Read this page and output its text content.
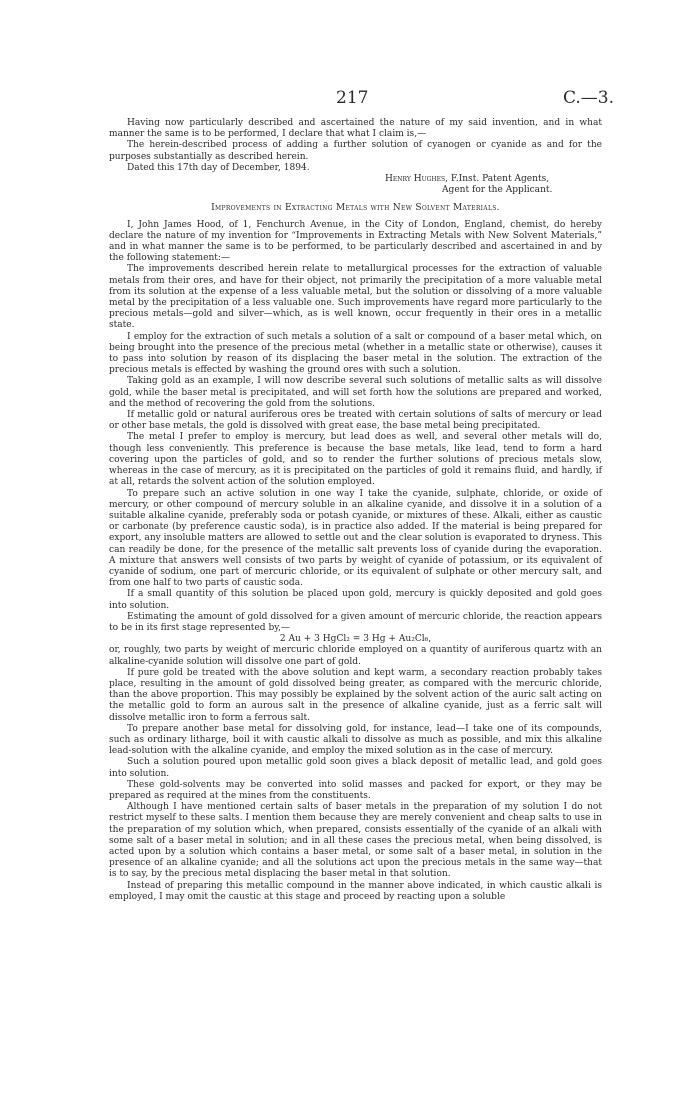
217	C.—3.

Having now particularly described and ascertained the nature of my said invention, and in what manner the same is to be performed, I declare that what I claim is,—

The herein-described process of adding a further solution of cyanogen or cyanide as and for the purposes substantially as described herein.

Dated this 17th day of December, 1894.
Henry Hughes, F.Inst. Patent Agents,
Agent for the Applicant.
Improvements in Extracting Metals with New Solvent Materials.

I, John James Hood, of 1, Fenchurch Avenue, in the City of London, England, chemist, do hereby declare the nature of my invention for “Improvements in Extracting Metals with New Solvent Materials,” and in what manner the same is to be performed, to be particularly described and ascertained in and by the following statement:—

The improvements described herein relate to metallurgical processes for the extraction of valuable metals from their ores, and have for their object, not primarily the precipitation of a more valuable metal from its solution at the expense of a less valuable metal, but the solution or dissolving of a more valuable metal by the precipitation of a less valuable one. Such improvements have regard more particularly to the precious metals—gold and silver—which, as is well known, occur frequently in their ores in a metallic state.

I employ for the extraction of such metals a solution of a salt or compound of a baser metal which, on being brought into the presence of the precious metal (whether in a metallic state or otherwise), causes it to pass into solution by reason of its displacing the baser metal in the solution. The extraction of the precious metals is effected by washing the ground ores with such a solution.

Taking gold as an example, I will now describe several such solutions of metallic salts as will dissolve gold, while the baser metal is precipitated, and will set forth how the solutions are prepared and worked, and the method of recovering the gold from the solutions.

If metallic gold or natural auriferous ores be treated with certain solutions of salts of mercury or lead or other base metals, the gold is dissolved with great ease, the base metal being precipitated.

The metal I prefer to employ is mercury, but lead does as well, and several other metals will do, though less conveniently. This preference is because the base metals, like lead, tend to form a hard covering upon the particles of gold, and so to render the further solutions of precious metals slow, whereas in the case of mercury, as it is precipitated on the particles of gold it remains fluid, and hardly, if at all, retards the solvent action of the solution employed.

To prepare such an active solution in one way I take the cyanide, sulphate, chloride, or oxide of mercury, or other compound of mercury soluble in an alkaline cyanide, and dissolve it in a solution of a suitable alkaline cyanide, preferably soda or potash cyanide, or mixtures of these. Alkali, either as caustic or carbonate (by preference caustic soda), is in practice also added. If the material is being prepared for export, any insoluble matters are allowed to settle out and the clear solution is evaporated to dryness. This can readily be done, for the presence of the metallic salt prevents loss of cyanide during the evaporation. A mixture that answers well consists of two parts by weight of cyanide of potassium, or its equivalent of cyanide of sodium, one part of mercuric chloride, or its equivalent of sulphate or other mercury salt, and from one half to two parts of caustic soda.

If a small quantity of this solution be placed upon gold, mercury is quickly deposited and gold goes into solution.

Estimating the amount of gold dissolved for a given amount of mercuric chloride, the reaction appears to be in its first stage represented by,—

2 Au + 3 HgCl₂ = 3 Hg + Au₂Cl₆,

or, roughly, two parts by weight of mercuric chloride employed on a quantity of auriferous quartz with an alkaline-cyanide solution will dissolve one part of gold.

If pure gold be treated with the above solution and kept warm, a secondary reaction probably takes place, resulting in the amount of gold dissolved being greater, as compared with the mercuric chloride, than the above proportion. This may possibly be explained by the solvent action of the auric salt acting on the metallic gold to form an aurous salt in the presence of alkaline cyanide, just as a ferric salt will dissolve metallic iron to form a ferrous salt.

To prepare another base metal for dissolving gold, for instance, lead—I take one of its compounds, such as ordinary litharge, boil it with caustic alkali to dissolve as much as possible, and mix this alkaline lead-solution with the alkaline cyanide, and employ the mixed solution as in the case of mercury.

Such a solution poured upon metallic gold soon gives a black deposit of metallic lead, and gold goes into solution.

These gold-solvents may be converted into solid masses and packed for export, or they may be prepared as required at the mines from the constituents.

Although I have mentioned certain salts of baser metals in the preparation of my solution I do not restrict myself to these salts. I mention them because they are merely convenient and cheap salts to use in the preparation of my solution which, when prepared, consists essentially of the cyanide of an alkali with some salt of a baser metal in solution; and in all these cases the precious metal, when being dissolved, is acted upon by a solution which contains a baser metal, or some salt of a baser metal, in solution in the presence of an alkaline cyanide; and all the solutions act upon the precious metals in the same way—that is to say, by the precious metal displacing the baser metal in that solution.

Instead of preparing this metallic compound in the manner above indicated, in which caustic alkali is employed, I may omit the caustic at this stage and proceed by reacting upon a soluble
